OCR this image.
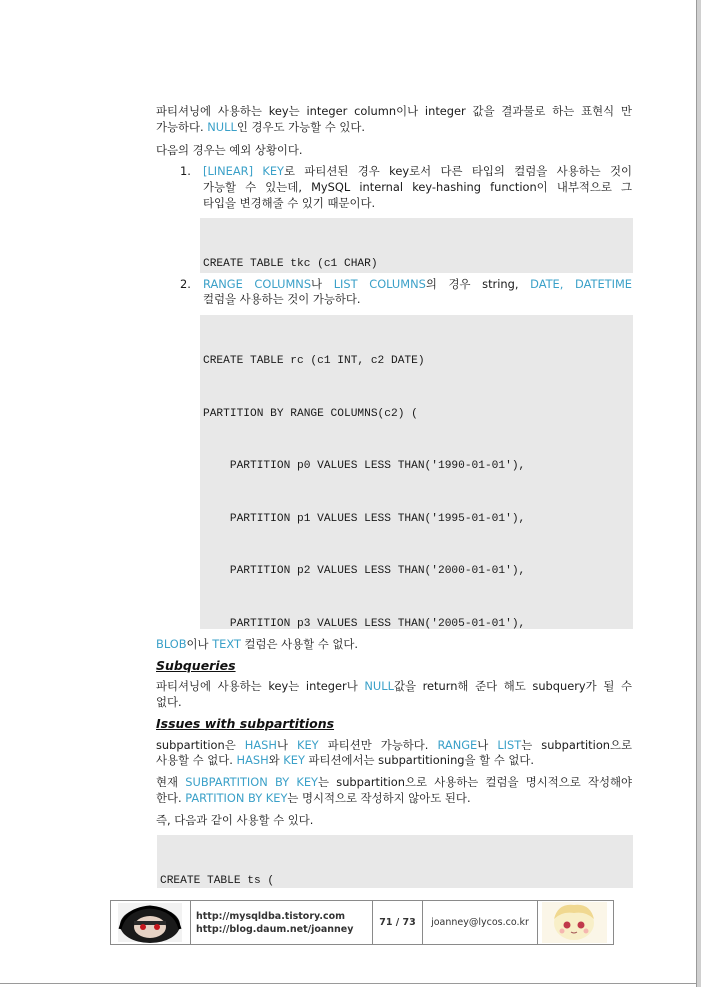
파티셔닝에 사용하는 key는 integer column이나 integer 값을 결과물로 하는 표현식 만
가능하다. NULL인 경우도 가능할 수 있다.
다음의 경우는 예외 상황이다.
1. [LINEAR] KEY로 파티션된 경우 key로서 다른 타입의 컬럼을 사용하는 것이
가능할 수 있는데, MySQL internal key-hashing function이 내부적으로 그
타입을 변경해줄 수 있기 때문이다.

CREATE TABLE tkc (c1 CHAR)

2. RANGE COLUMNS나 LIST COLUMNS의 경우 string, DATE, DATETIME
컬럼을 사용하는 것이 가능하다.

CREATE TABLE rc (c1 INT, c2 DATE)

PARTITION BY RANGE COLUMNS(c2) (

PARTITION p0 VALUES LESS THAN('1990-01-01'),

PARTITION p1 VALUES LESS THAN('1995-01-01'),

PARTITION p2 VALUES LESS THAN('2000-01-01'),

PARTITION p3 VALUES LESS THAN('2005-01-01'),

BLOB이나 TEXT 컬럼은 사용할 수 없다.
Subqueries
파티셔닝에 사용하는 key는 integer나 NULL값을 return해 준다 해도 subquery가 될 수
없다.
Issues with subpartitions
subpartition은 HASH나 KEY 파티션만 가능하다. RANGE나 LIST는 subpartition으로
사용할 수 없다. HASH와 KEY 파티션에서는 subpartitioning을 할 수 없다.
현재 SUBPARTITION BY KEY는 subpartition으로 사용하는 컬럼을 명시적으로 작성해야
한다. PARTITION BY KEY는 명시적으로 작성하지 않아도 된다.
즉, 다음과 같이 사용할 수 있다.

CREATE TABLE ts (

http://mysqldba.tistory.com
http://blog.daum.net/joanney
71 / 73	joanney@lycos.co.kr
